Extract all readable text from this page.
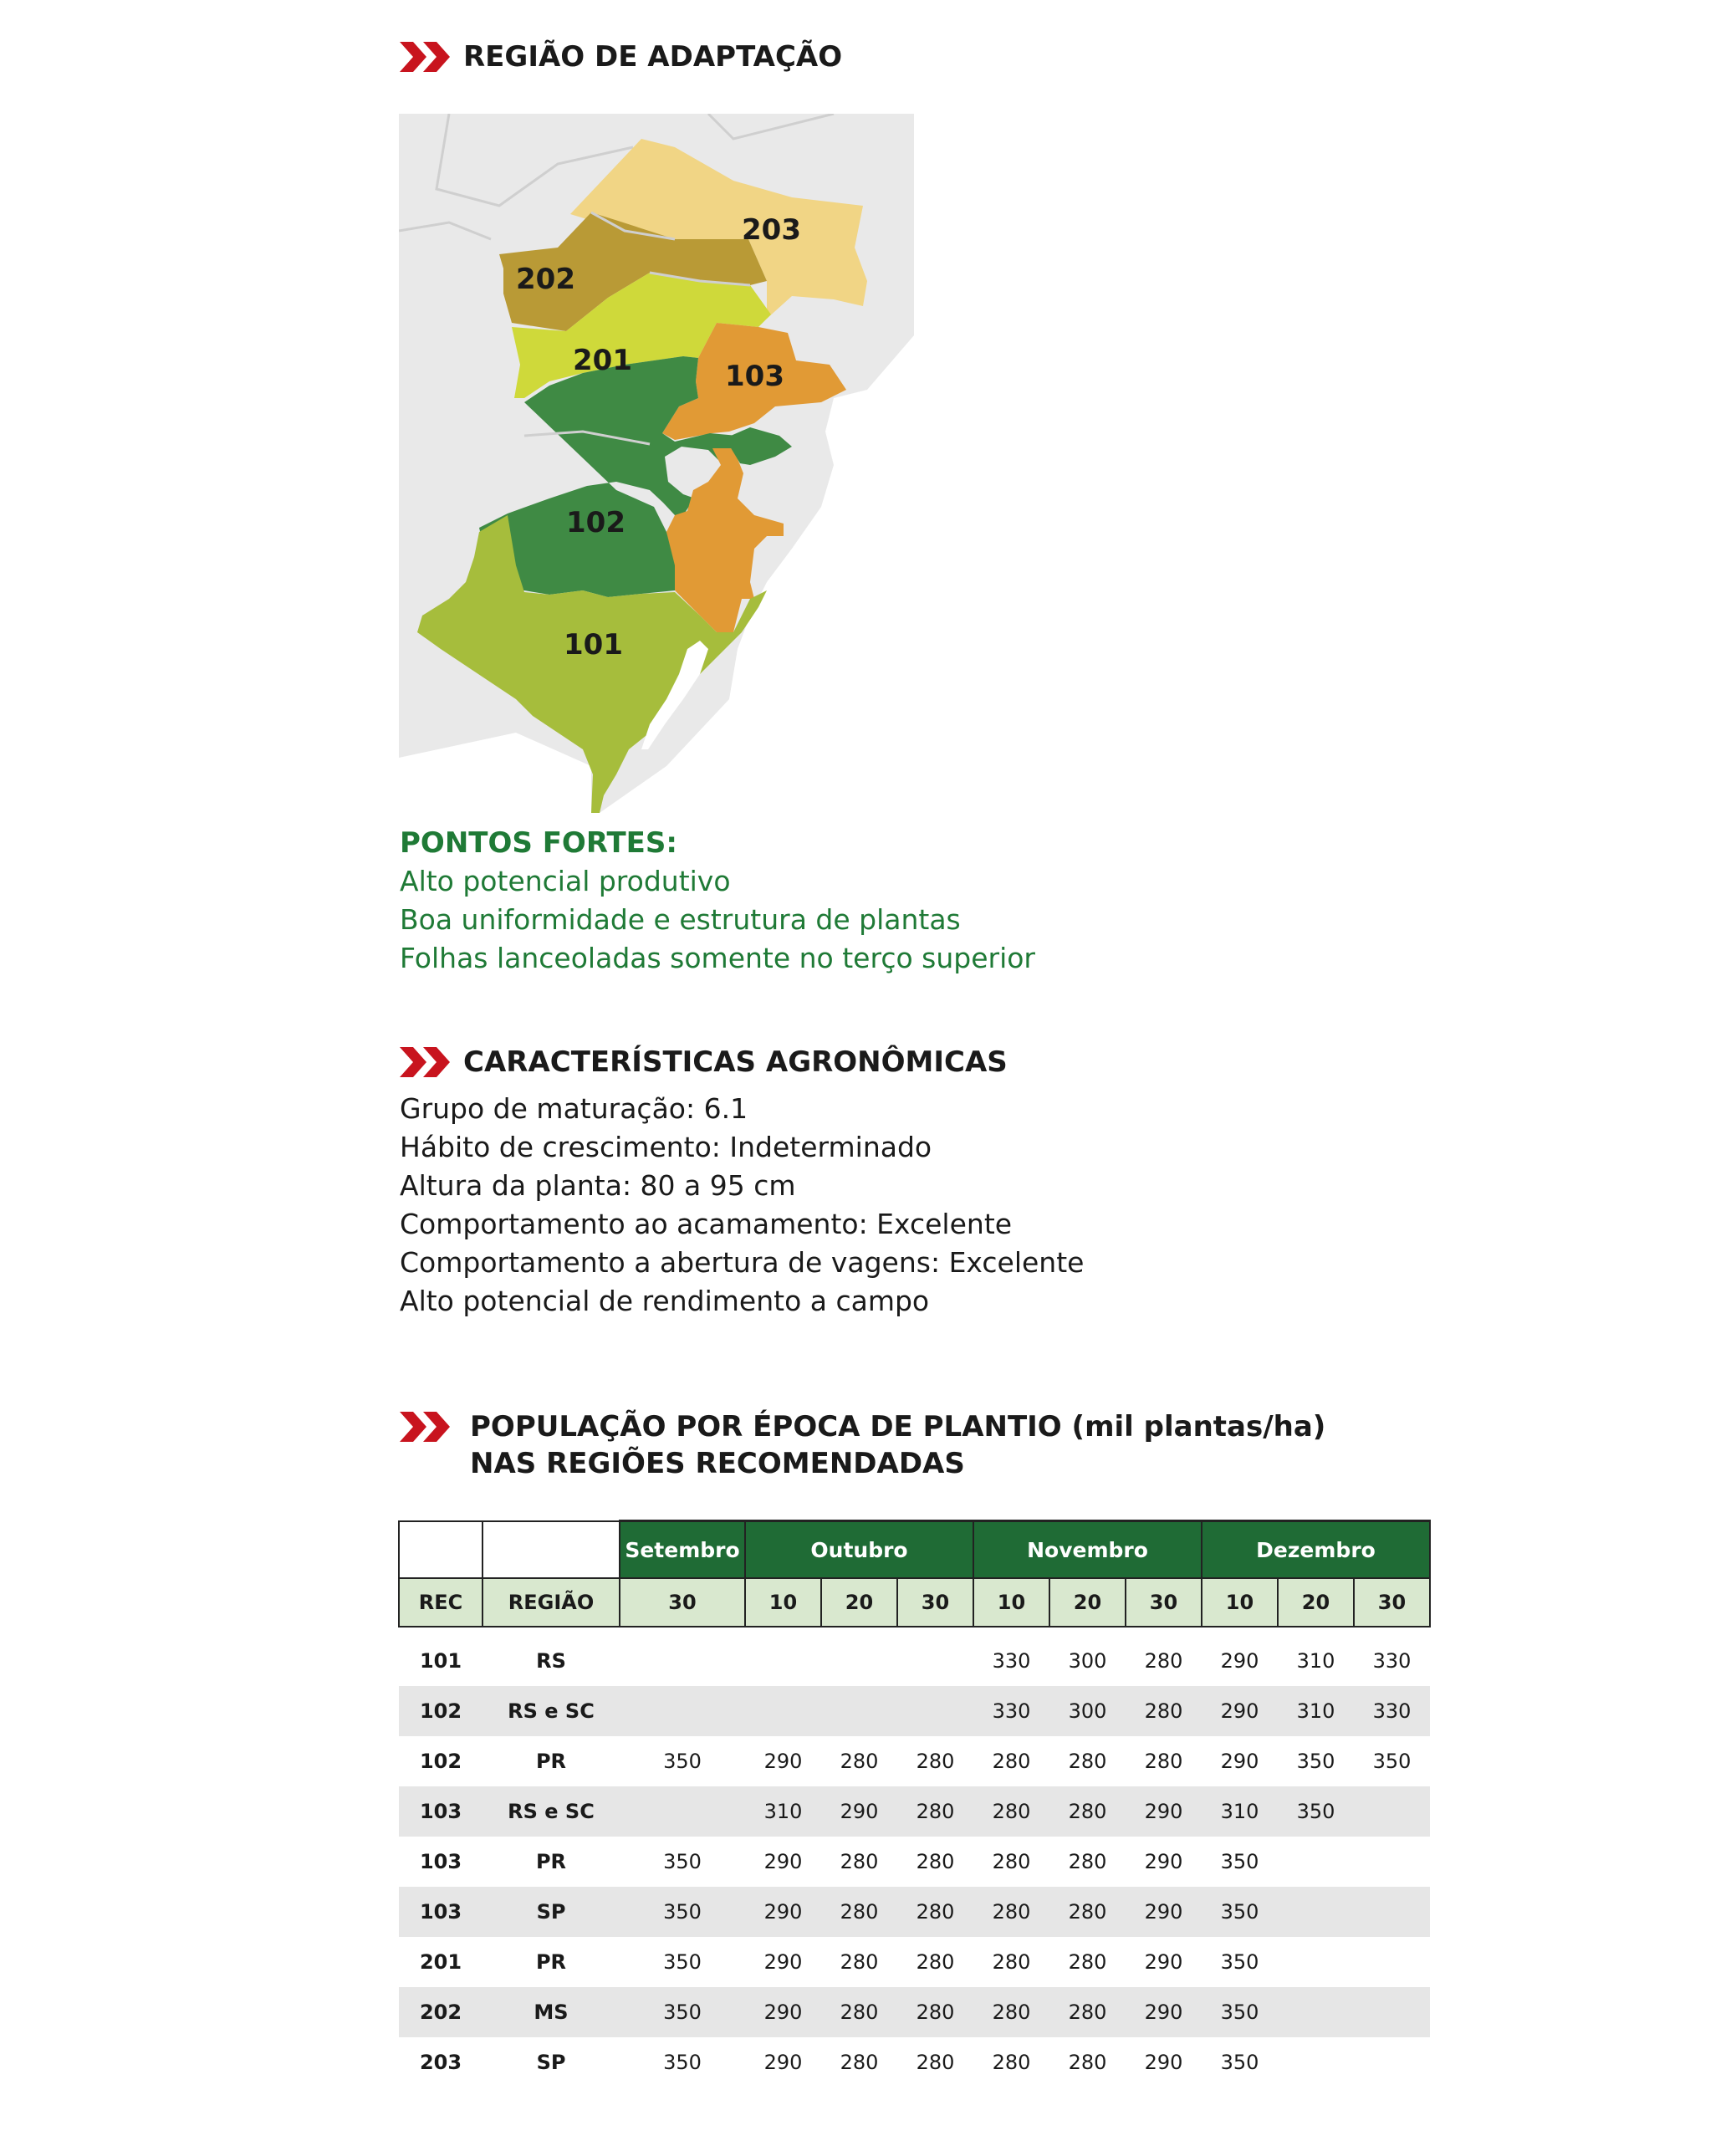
REGIÃO DE ADAPTAÇÃO
203
202
201	103
102
101
PONTOS FORTES:
Alto potencial produtivo
Boa uniformidade e estrutura de plantas
Folhas lanceoladas somente no terço superior
CARACTERÍSTICAS AGRONÔMICAS
Grupo de maturação: 6.1
Hábito de crescimento: Indeterminado
Altura da planta: 80 a 95 cm
Comportamento ao acamamento: Excelente
Comportamento a abertura de vagens: Excelente
Alto potencial de rendimento a campo
POPULAÇÃO POR ÉPOCA DE PLANTIO (mil plantas/ha)
NAS REGIÕES RECOMENDADAS
		Setembro	Outubro			Novembro			Dezembro		
REC	REGIÃO	30	10	20	30	10	20	30	10	20	30

101	RS					330	300	280	290	310	330
102	RS e SC					330	300	280	290	310	330
102	PR	350	290	280	280	280	280	280	290	350	350
103	RS e SC		310	290	280	280	280	290	310	350	
103	PR	350	290	280	280	280	280	290	350		
103	SP	350	290	280	280	280	280	290	350		
201	PR	350	290	280	280	280	280	290	350		
202	MS	350	290	280	280	280	280	290	350		
203	SP	350	290	280	280	280	280	290	350		
